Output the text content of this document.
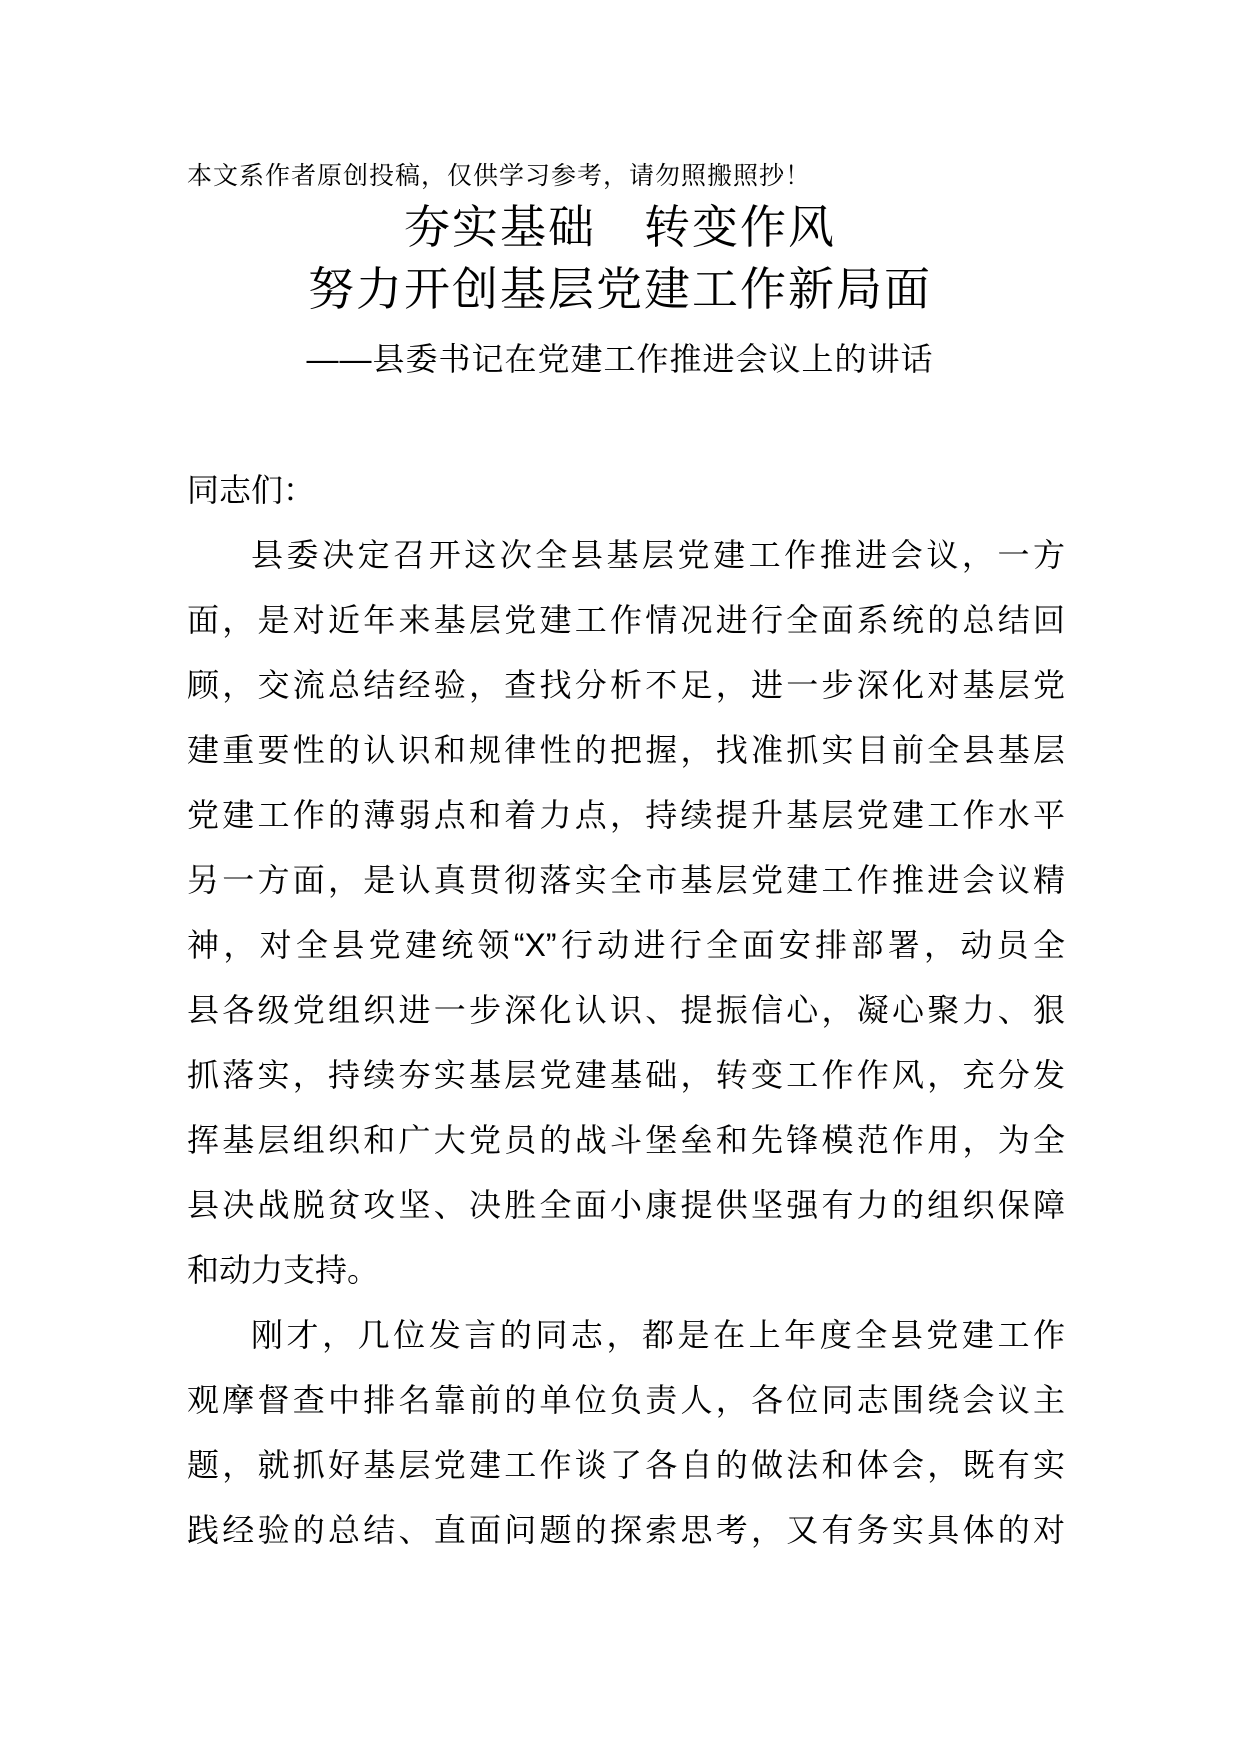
本文系作者原创投稿，仅供学习参考，请勿照搬照抄！
夯实基础　转变作风
努力开创基层党建工作新局面
——县委书记在党建工作推进会议上的讲话
同志们：
县委决定召开这次全县基层党建工作推进会议，一方
面，是对近年来基层党建工作情况进行全面系统的总结回
顾，交流总结经验，查找分析不足，进一步深化对基层党
建重要性的认识和规律性的把握，找准抓实目前全县基层
党建工作的薄弱点和着力点，持续提升基层党建工作水平
另一方面，是认真贯彻落实全市基层党建工作推进会议精
神，对全县党建统领“X”行动进行全面安排部署，动员全
县各级党组织进一步深化认识、提振信心，凝心聚力、狠
抓落实，持续夯实基层党建基础，转变工作作风，充分发
挥基层组织和广大党员的战斗堡垒和先锋模范作用，为全
县决战脱贫攻坚、决胜全面小康提供坚强有力的组织保障
和动力支持。
刚才，几位发言的同志，都是在上年度全县党建工作
观摩督查中排名靠前的单位负责人，各位同志围绕会议主
题，就抓好基层党建工作谈了各自的做法和体会，既有实
践经验的总结、直面问题的探索思考，又有务实具体的对
